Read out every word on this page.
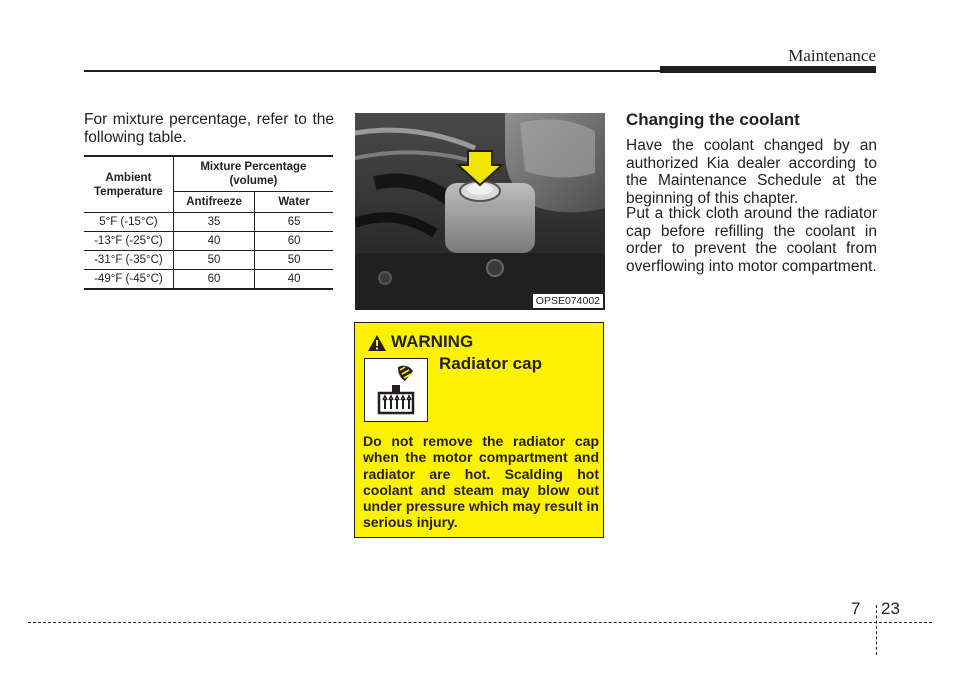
Maintenance
For mixture percentage, refer to the following table.
Ambient Temperature	Mixture Percentage (volume)	
	Antifreeze	Water
5°F (-15°C)	35	65
-13°F (-25°C)	40	60
-31°F (-35°C)	50	50
-49°F (-45°C)	60	40
OPSE074002
WARNING
Radiator cap
Do not remove the radiator cap when the motor compartment and radiator are hot. Scalding hot coolant and steam may blow out under pressure which may result in serious injury.
Changing the coolant
Have the coolant changed by an authorized Kia dealer according to the Maintenance Schedule at the beginning of this chapter.
Put a thick cloth around the radiator cap before refilling the coolant in order to prevent the coolant from overflowing into motor compartment.
7 23
